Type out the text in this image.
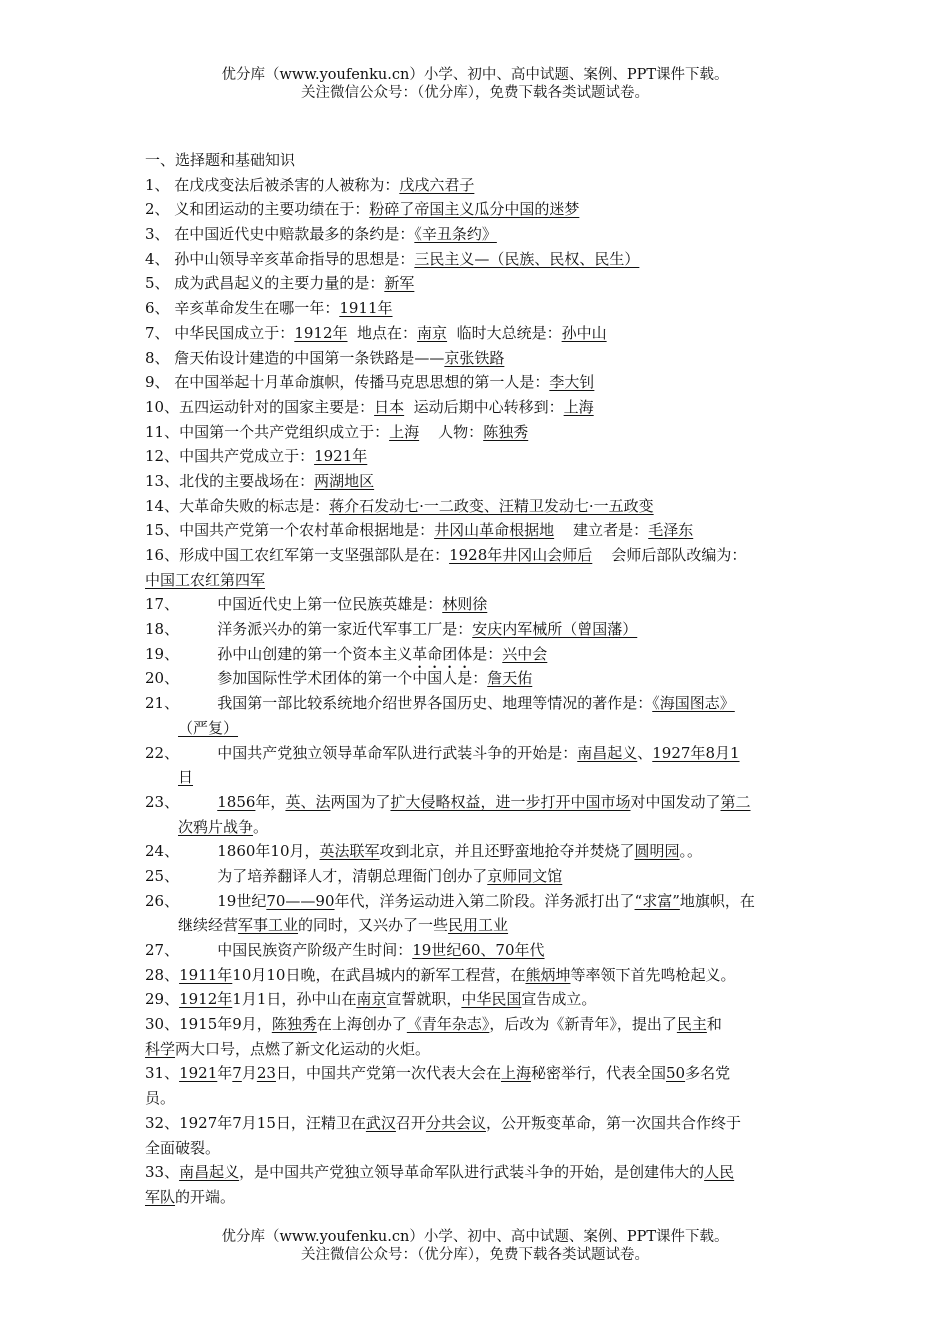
优分库（www.youfenku.cn）小学、初中、高中试题、案例、PPT课件下载。
关注微信公众号：（优分库），免费下载各类试题试卷。
一、选择题和基础知识
1、 在戊戌变法后被杀害的人被称为：戊戌六君子
2、 义和团运动的主要功绩在于：粉碎了帝国主义瓜分中国的迷梦
3、 在中国近代史中赔款最多的条约是：《辛丑条约》
4、 孙中山领导辛亥革命指导的思想是：三民主义—（民族、民权、民生）
5、 成为武昌起义的主要力量的是：新军
6、 辛亥革命发生在哪一年：1911年
7、 中华民国成立于：1912年  地点在：南京  临时大总统是：孙中山
8、 詹天佑设计建造的中国第一条铁路是——京张铁路
9、 在中国举起十月革命旗帜，传播马克思思想的第一人是：李大钊
10、五四运动针对的国家主要是：日本  运动后期中心转移到：上海
11、中国第一个共产党组织成立于：上海    人物：陈独秀
12、中国共产党成立于：1921年
13、北伐的主要战场在：两湖地区
14、大革命失败的标志是：蒋介石发动七·一二政变、汪精卫发动七·一五政变
15、中国共产党第一个农村革命根据地是：井冈山革命根据地    建立者是：毛泽东
16、形成中国工农红军第一支坚强部队是在：1928年井冈山会师后    会师后部队改编为：
中国工农红第四军
17、        中国近代史上第一位民族英雄是：林则徐
18、        洋务派兴办的第一家近代军事工厂是：安庆内军械所（曾国藩）
19、        孙中山创建的第一个资本主义革命团体是：兴中会
20、        参加国际性学术团体的第一个中国人是：詹天佑
21、        我国第一部比较系统地介绍世界各国历史、地理等情况的著作是：《海国图志》
（严复）
22、        中国共产党独立领导革命军队进行武装斗争的开始是：南昌起义、1927年8月1
日
23、        1856年，英、法两国为了扩大侵略权益，进一步打开中国市场对中国发动了第二
次鸦片战争。
24、        1860年10月，英法联军攻到北京，并且还野蛮地抢夺并焚烧了圆明园。。
25、        为了培养翻译人才，清朝总理衙门创办了京师同文馆
26、        19世纪70——90年代，洋务运动进入第二阶段。洋务派打出了“求富”地旗帜，在
继续经营军事工业的同时，又兴办了一些民用工业
27、        中国民族资产阶级产生时间：19世纪60、70年代
28、1911年10月10日晚，在武昌城内的新军工程营，在熊炳坤等率领下首先鸣枪起义。
29、1912年1月1日，孙中山在南京宣誓就职，中华民国宣告成立。
30、1915年9月，陈独秀在上海创办了《青年杂志》，后改为《新青年》，提出了民主和
科学两大口号，点燃了新文化运动的火炬。
31、1921年7月23日，中国共产党第一次代表大会在上海秘密举行，代表全国50多名党
员。
32、1927年7月15日，汪精卫在武汉召开分共会议，公开叛变革命，第一次国共合作终于
全面破裂。
33、南昌起义，是中国共产党独立领导革命军队进行武装斗争的开始，是创建伟大的人民
军队的开端。
优分库（www.youfenku.cn）小学、初中、高中试题、案例、PPT课件下载。
关注微信公众号：（优分库），免费下载各类试题试卷。
